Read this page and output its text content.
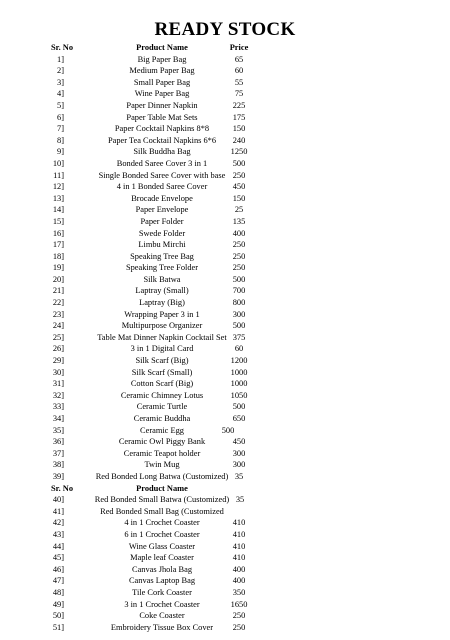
READY STOCK
Sr. No	Product Name	Price
1]	Big Paper Bag	65
2]	Medium Paper Bag	60
3]	Small Paper Bag	55
4]	Wine Paper Bag	75
5]	Paper Dinner Napkin	225
6]	Paper Table Mat Sets	175
7]	Paper Cocktail Napkins 8*8	150
8]	Paper Tea Cocktail Napkins 6*6 240
9]	Silk Buddha Bag	1250
10]	Bonded Saree Cover 3 in 1	500
11]	Single Bonded Saree Cover with base 250
12]	4 in 1 Bonded Saree Cover	450
13]	Brocade Envelope	150
14]	Paper Envelope	25
15]	Paper Folder	135
16]	Swede Folder	400
17]	Limbu Mirchi	250
18]	Speaking Tree Bag	250
19]	Speaking Tree Folder	250
20]	Silk Batwa	500
21]	Laptray (Small)	700
22]	Laptray (Big)	800
23]	Wrapping Paper 3 in 1	300
24]	Multipurpose Organizer	500
25]	Table Mat Dinner Napkin Cocktail Set 375
26]	3 in 1 Digital Card	60
29]	Silk Scarf (Big)	1200
30]	Silk Scarf (Small)	1000
31]	Cotton Scarf (Big)	1000
32]	Ceramic Chimney Lotus	1050
33]	Ceramic Turtle	500
34]	Ceramic Buddha	650
35]	Ceramic Egg	500
36]	Ceramic Owl Piggy Bank	450
37]	Ceramic Teapot holder	300
38]	Twin Mug	300
39]	Red Bonded Long Batwa (Customized) 35
Sr. No	Product Name
40]	Red Bonded Small Batwa (Customized) 35
41]	Red Bonded Small Bag (Customized
42]	4 in 1 Crochet Coaster	410
43]	6 in 1 Crochet Coaster	410
44]	Wine Glass Coaster	410
45]	Maple leaf Coaster	410
46]	Canvas Jhola Bag	400
47]	Canvas Laptop Bag	400
48]	Tile Cork Coaster	350
49]	3 in 1 Crochet Coaster	1650
50]	Coke Coaster	250
51]	Embroidery Tissue Box Cover 250
